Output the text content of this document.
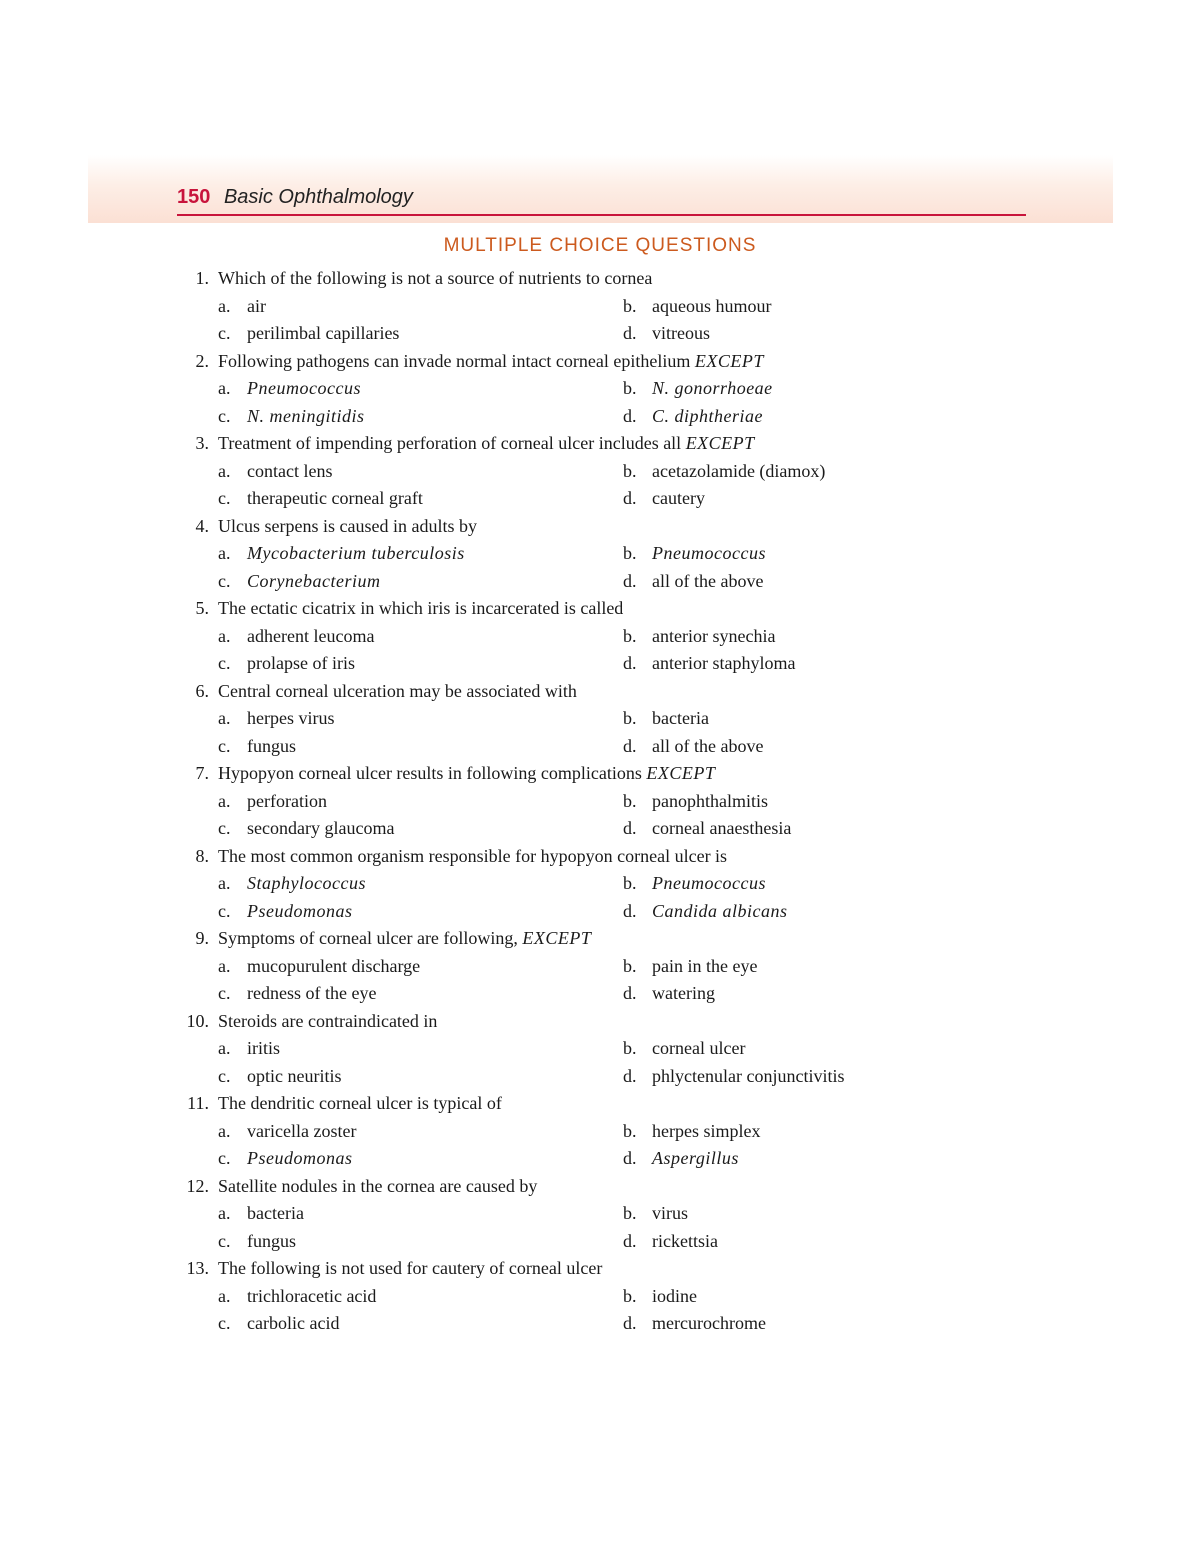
150 Basic Ophthalmology
MULTIPLE CHOICE QUESTIONS
1. Which of the following is not a source of nutrients to cornea
a. air	b. aqueous humour
c. perilimbal capillaries	d. vitreous
2. Following pathogens can invade normal intact corneal epithelium EXCEPT
a. Pneumococcus	b. N. gonorrhoeae
c. N. meningitidis	d. C. diphtheriae
3. Treatment of impending perforation of corneal ulcer includes all EXCEPT
a. contact lens	b. acetazolamide (diamox)
c. therapeutic corneal graft	d. cautery
4. Ulcus serpens is caused in adults by
a. Mycobacterium tuberculosis	b. Pneumococcus
c. Corynebacterium	d. all of the above
5. The ectatic cicatrix in which iris is incarcerated is called
a. adherent leucoma	b. anterior synechia
c. prolapse of iris	d. anterior staphyloma
6. Central corneal ulceration may be associated with
a. herpes virus	b. bacteria
c. fungus	d. all of the above
7. Hypopyon corneal ulcer results in following complications EXCEPT
a. perforation	b. panophthalmitis
c. secondary glaucoma	d. corneal anaesthesia
8. The most common organism responsible for hypopyon corneal ulcer is
a. Staphylococcus	b. Pneumococcus
c. Pseudomonas	d. Candida albicans
9. Symptoms of corneal ulcer are following, EXCEPT
a. mucopurulent discharge	b. pain in the eye
c. redness of the eye	d. watering
10. Steroids are contraindicated in
a. iritis	b. corneal ulcer
c. optic neuritis	d. phlyctenular conjunctivitis
11. The dendritic corneal ulcer is typical of
a. varicella zoster	b. herpes simplex
c. Pseudomonas	d. Aspergillus
12. Satellite nodules in the cornea are caused by
a. bacteria	b. virus
c. fungus	d. rickettsia
13. The following is not used for cautery of corneal ulcer
a. trichloracetic acid	b. iodine
c. carbolic acid	d. mercurochrome
